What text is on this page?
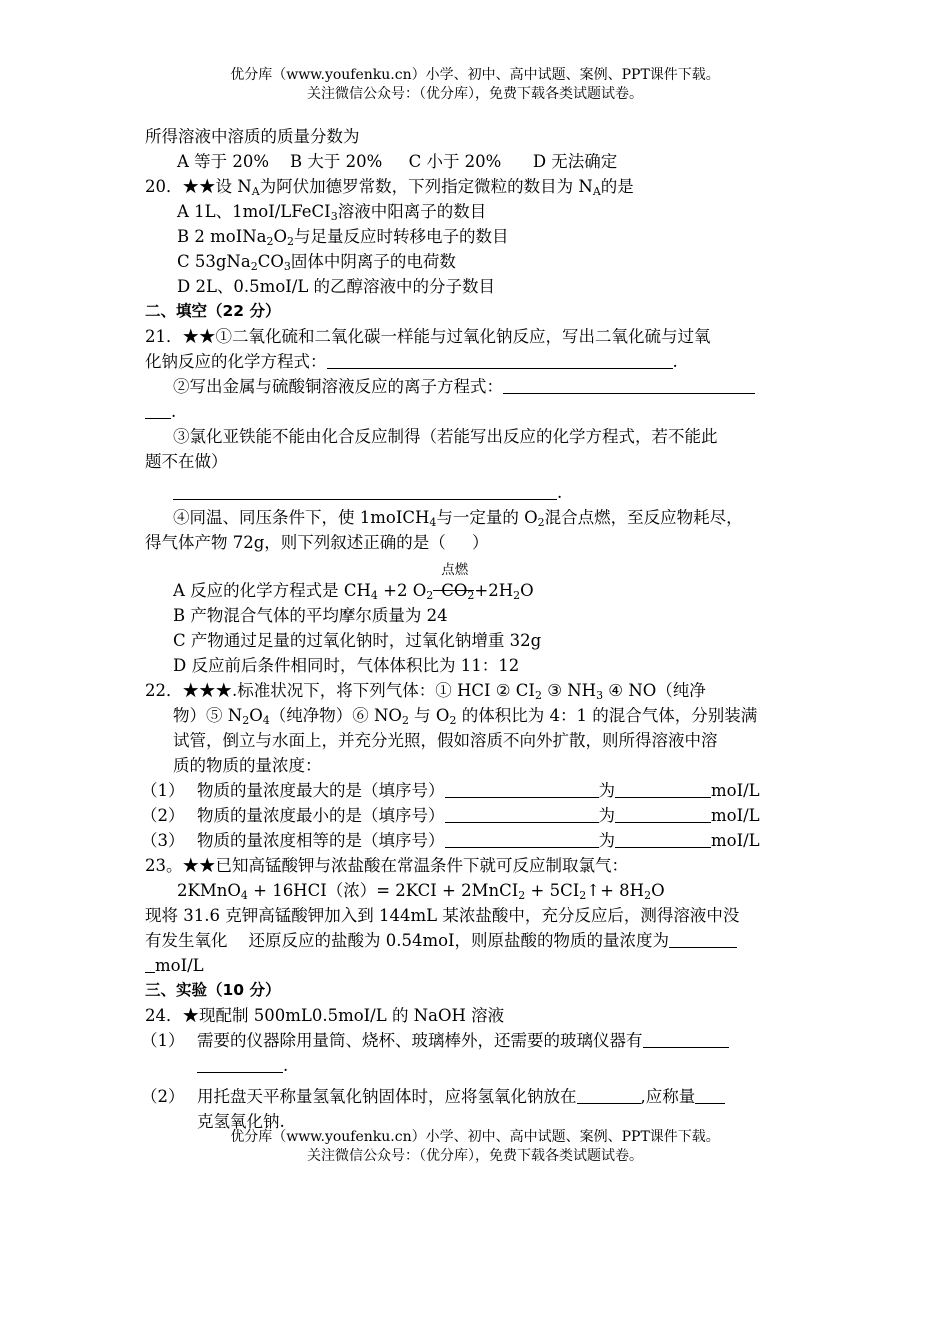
优分库（www.youfenku.cn）小学、初中、高中试题、案例、PPT课件下载。
关注微信公众号：（优分库），免费下载各类试题试卷。
所得溶液中溶质的质量分数为
A 等于 20%    B 大于 20%     C 小于 20%      D 无法确定
20．★★设 $N_A$为阿伏加德罗常数，下列指定微粒的数目为 $N_A$的是
A 1L、1moI/LFeCI$_3$溶液中阳离子的数目
B 2 $moINa_2O_2$与足量反应时转移电子的数目
C $53gNa_2CO_3$固体中阴离子的电荷数
D 2L、0.5moI/L 的乙醇溶液中的分子数目
二、填空（22 分）
21．★★①二氧化硫和二氧化碳一样能与过氧化钠反应，写出二氧化硫与过氧
化钠反应的化学方程式：	.
②写出金属与硫酸铜溶液反应的离子方程式：
.
③氯化亚铁能不能由化合反应制得（若能写出反应的化学方程式，若不能此
题不在做）
.
④同温、同压条件下，使 1moICH$_4$与一定量的 $O_2$混合点燃，至反应物耗尽，
得气体产物 72g，则下列叙述正确的是（     ）
A 反应的化学方程式是 $CH_4 +2$ $O_2$
点燃
$CO_2+2H_2O$
B 产物混合气体的平均摩尔质量为 24
C 产物通过足量的过氧化钠时，过氧化钠增重 32g
D 反应前后条件相同时，气体体积比为 11：12
22．★★★.标准状况下，将下列气体：① HCI ② $CI_2$ ③ $NH_3$ ④ NO（纯净
物）⑤ $N_2O_4$（纯净物）⑥ $NO_2$ 与 $O_2$ 的体积比为 4：1 的混合气体，分别装满
试管，倒立与水面上，并充分光照，假如溶质不向外扩散，则所得溶液中溶
质的物质的量浓度：
（1） 物质的量浓度最大的是（填序号）	为	moI/L
（2） 物质的量浓度最小的是（填序号）	为	moI/L
（3） 物质的量浓度相等的是（填序号）	为	moI/L
23。★★已知高锰酸钾与浓盐酸在常温条件下就可反应制取氯气：
2KMnO$_4$ + 16HCI（浓）= 2KCI + 2MnCI$_2$ + $5CI_2↑+ 8H_2O$
现将 31.6 克钾高锰酸钾加入到 144mL 某浓盐酸中，充分反应后，测得溶液中没
有发生氧化    还原反应的盐酸为 0.54moI，则原盐酸的物质的量浓度为
moI/L
三、实验（10 分）
24．★现配制 500mL0.5moI/L 的 NaOH 溶液
（1） 需要的仪器除用量筒、烧杯、玻璃棒外，还需要的玻璃仪器有
.
（2） 用托盘天平称量氢氧化钠固体时，应将氢氧化钠放在	,应称量
克氢氧化钠.
优分库（www.youfenku.cn）小学、初中、高中试题、案例、PPT课件下载。
关注微信公众号：（优分库），免费下载各类试题试卷。
